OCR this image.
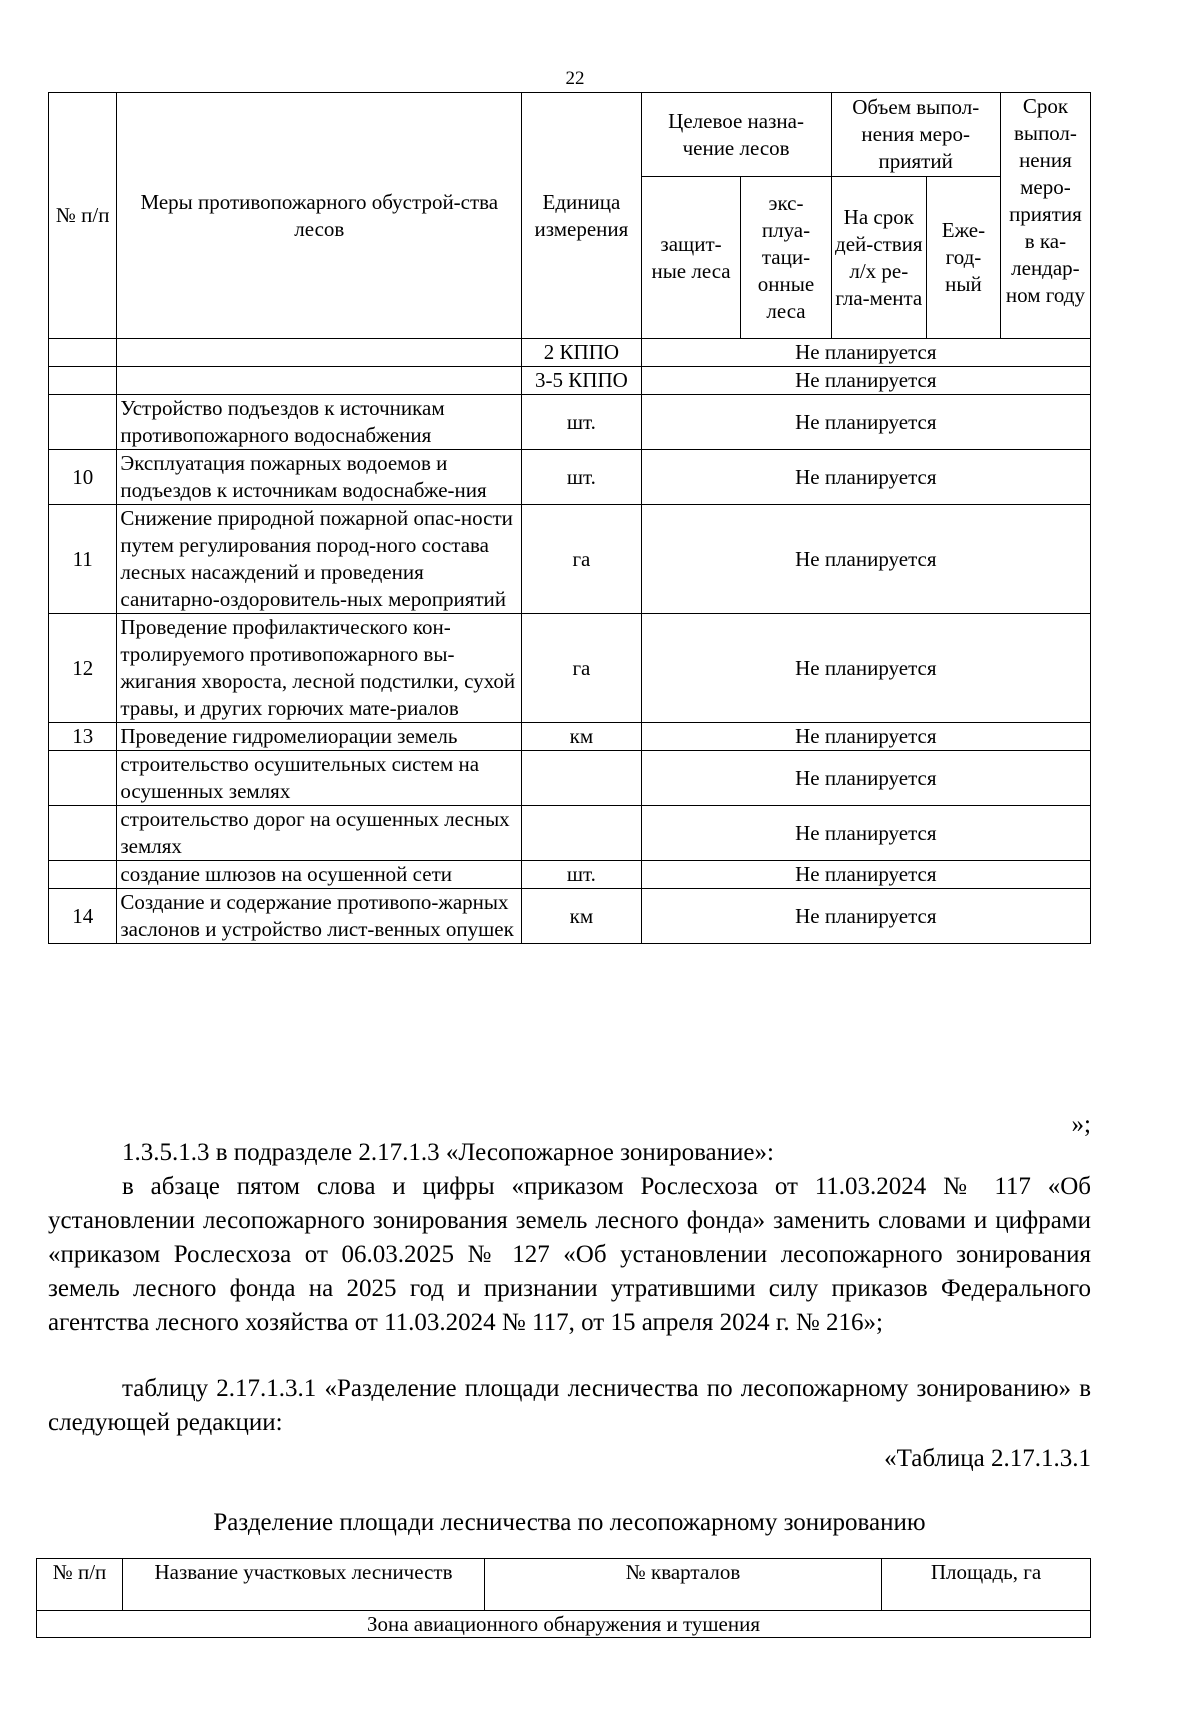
22
№ п/п	Меры противопожарного обустрой-ства лесов	Единица измерения	Целевое назна-чение лесов		Объем выпол-нения меро-приятий		Срок выпол-нения меро-приятия в ка-лендар-ном году
			защит-ные леса	экс-плуа-таци-онные леса	На срок дей-ствия л/х ре-гла-мента	Еже-год-ный	
		2 КППО	Не планируется				
		3-5 КППО	Не планируется				
	Устройство подъездов к источникам противопожарного водоснабжения	шт.	Не планируется				
10	Эксплуатация пожарных водоемов и подъездов к источникам водоснабже-ния	шт.	Не планируется				
11	Снижение природной пожарной опас-ности путем регулирования пород-ного состава лесных насаждений и проведения санитарно-оздоровитель-ных мероприятий	га	Не планируется				
12	Проведение профилактического кон-тролируемого противопожарного вы-жигания хвороста, лесной подстилки, сухой травы, и других горючих мате-риалов	га	Не планируется				
13	Проведение гидромелиорации земель	км	Не планируется				
	строительство осушительных систем на осушенных землях		Не планируется				
	строительство дорог на осушенных лесных землях		Не планируется				
	создание шлюзов на осушенной сети	шт.	Не планируется				
14	Создание и содержание противопо-жарных заслонов и устройство лист-венных опушек	км	Не планируется				
»;
1.3.5.1.3 в подразделе 2.17.1.3 «Лесопожарное зонирование»:
в абзаце пятом слова и цифры «приказом Рослесхоза от 11.03.2024 № 117 «Об установлении лесопожарного зонирования земель лесного фонда» заменить словами и цифрами «приказом Рослесхоза от 06.03.2025 № 127 «Об установлении лесопожарного зонирования земель лесного фонда на 2025 год и признании утратившими силу приказов Федерального агентства лесного хозяйства от 11.03.2024 № 117, от 15 апреля 2024 г. № 216»;
таблицу 2.17.1.3.1 «Разделение площади лесничества по лесопожарному зонированию» в следующей редакции:
«Таблица 2.17.1.3.1
Разделение площади лесничества по лесопожарному зонированию
№ п/п	Название участковых лесничеств	№ кварталов	Площадь, га
Зона авиационного обнаружения и тушения
